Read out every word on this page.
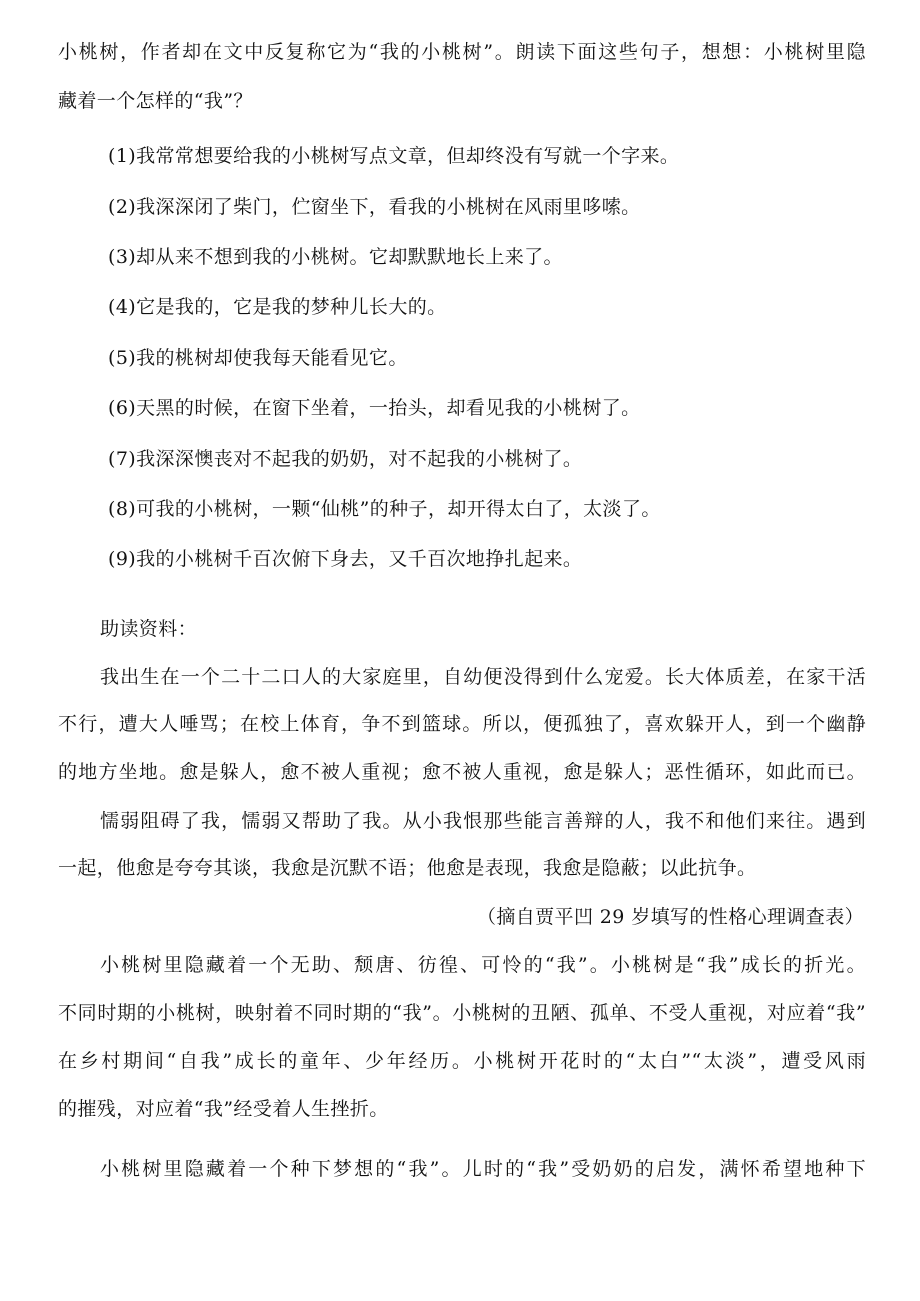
小桃树，作者却在文中反复称它为“我的小桃树”。朗读下面这些句子，想想：小桃树里隐
藏着一个怎样的“我”？
(1)我常常想要给我的小桃树写点文章，但却终没有写就一个字来。
(2)我深深闭了柴门，伫窗坐下，看我的小桃树在风雨里哆嗦。
(3)却从来不想到我的小桃树。它却默默地长上来了。
(4)它是我的，它是我的梦种儿长大的。
(5)我的桃树却使我每天能看见它。
(6)天黑的时候，在窗下坐着，一抬头，却看见我的小桃树了。
(7)我深深懊丧对不起我的奶奶，对不起我的小桃树了。
(8)可我的小桃树，一颗“仙桃”的种子，却开得太白了，太淡了。
(9)我的小桃树千百次俯下身去，又千百次地挣扎起来。
助读资料：
我出生在一个二十二口人的大家庭里，自幼便没得到什么宠爱。长大体质差，在家干活
不行，遭大人唾骂；在校上体育，争不到篮球。所以，便孤独了，喜欢躲开人，到一个幽静
的地方坐地。愈是躲人，愈不被人重视；愈不被人重视，愈是躲人；恶性循环，如此而已。
懦弱阻碍了我，懦弱又帮助了我。从小我恨那些能言善辩的人，我不和他们来往。遇到
一起，他愈是夸夸其谈，我愈是沉默不语；他愈是表现，我愈是隐蔽；以此抗争。
（摘自贾平凹 29 岁填写的性格心理调查表）
小桃树里隐藏着一个无助、颓唐、彷徨、可怜的“我”。小桃树是“我”成长的折光。
不同时期的小桃树，映射着不同时期的“我”。小桃树的丑陋、孤单、不受人重视，对应着“我”
在乡村期间“自我”成长的童年、少年经历。小桃树开花时的“太白”“太淡”，遭受风雨
的摧残，对应着“我”经受着人生挫折。
小桃树里隐藏着一个种下梦想的“我”。儿时的“我”受奶奶的启发，满怀希望地种下
